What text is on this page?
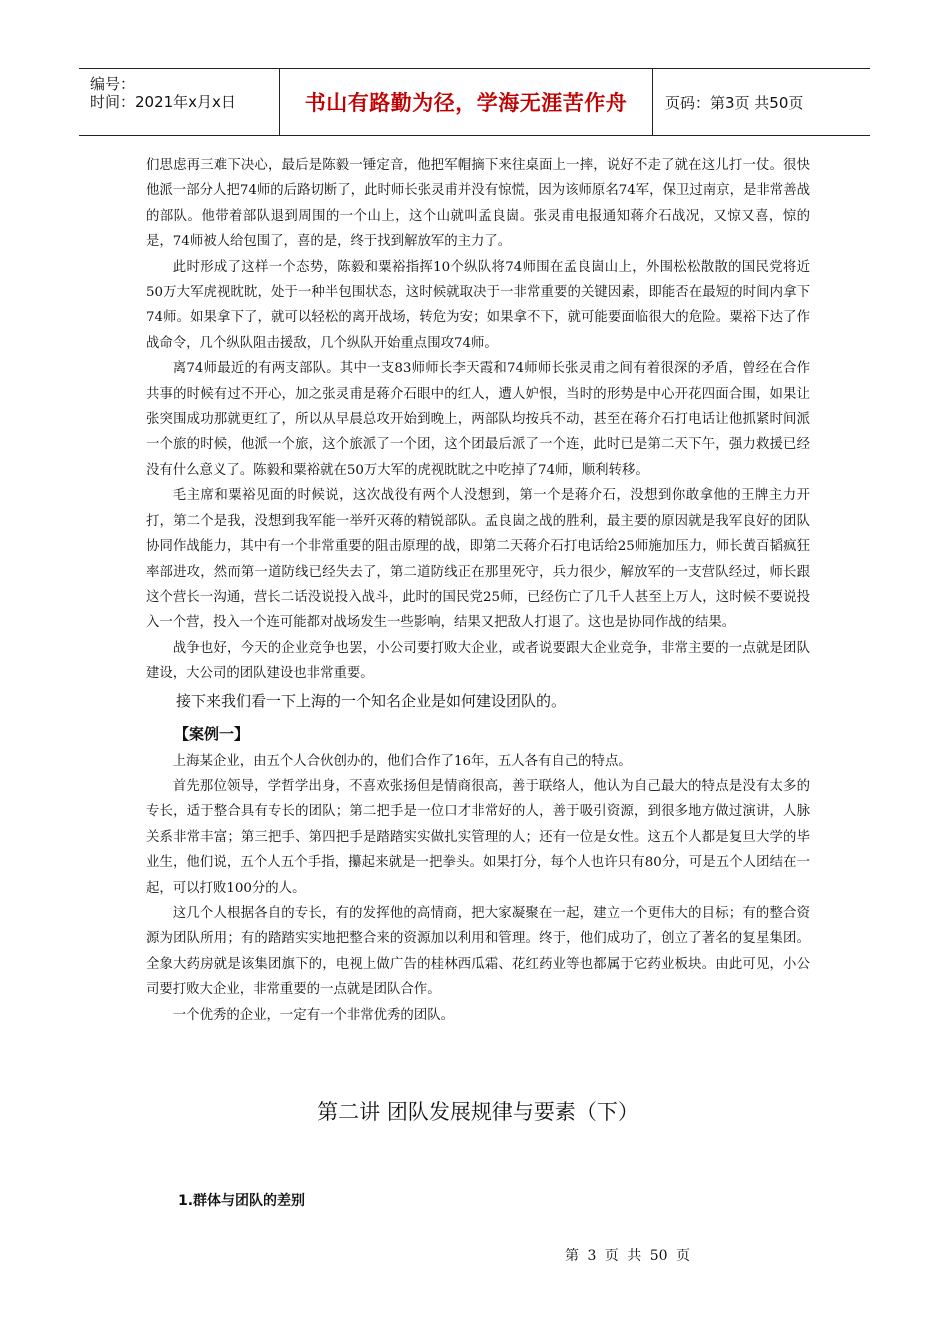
编号：
时间：2021年x月x日	书山有路勤为径，学海无涯苦作舟	页码：第3页 共50页

们思虑再三难下决心，最后是陈毅一锤定音，他把军帽摘下来往桌面上一摔，说好不走了就在这儿打一仗。很快他派一部分人把74师的后路切断了，此时师长张灵甫并没有惊慌，因为该师原名74军，保卫过南京，是非常善战的部队。他带着部队退到周围的一个山上，这个山就叫孟良崮。张灵甫电报通知蒋介石战况，又惊又喜，惊的是，74师被人给包围了，喜的是，终于找到解放军的主力了。

此时形成了这样一个态势，陈毅和粟裕指挥10个纵队将74师围在孟良崮山上，外围松松散散的国民党将近50万大军虎视眈眈，处于一种半包围状态，这时候就取决于一非常重要的关键因素，即能否在最短的时间内拿下74师。如果拿下了，就可以轻松的离开战场，转危为安；如果拿不下，就可能要面临很大的危险。粟裕下达了作战命令，几个纵队阻击援敌，几个纵队开始重点围攻74师。

离74师最近的有两支部队。其中一支83师师长李天霞和74师师长张灵甫之间有着很深的矛盾，曾经在合作共事的时候有过不开心，加之张灵甫是蒋介石眼中的红人，遭人妒恨，当时的形势是中心开花四面合围，如果让张突围成功那就更红了，所以从早晨总攻开始到晚上，两部队均按兵不动，甚至在蒋介石打电话让他抓紧时间派一个旅的时候，他派一个旅，这个旅派了一个团，这个团最后派了一个连，此时已是第二天下午，强力救援已经没有什么意义了。陈毅和粟裕就在50万大军的虎视眈眈之中吃掉了74师，顺利转移。

毛主席和粟裕见面的时候说，这次战役有两个人没想到，第一个是蒋介石，没想到你敢拿他的王牌主力开打，第二个是我，没想到我军能一举歼灭蒋的精锐部队。孟良崮之战的胜利，最主要的原因就是我军良好的团队协同作战能力，其中有一个非常重要的阻击原理的战，即第二天蒋介石打电话给25师施加压力，师长黄百韬疯狂率部进攻，然而第一道防线已经失去了，第二道防线正在那里死守，兵力很少，解放军的一支营队经过，师长跟这个营长一沟通，营长二话没说投入战斗，此时的国民党25师，已经伤亡了几千人甚至上万人，这时候不要说投入一个营，投入一个连可能都对战场发生一些影响，结果又把敌人打退了。这也是协同作战的结果。

战争也好，今天的企业竞争也罢，小公司要打败大企业，或者说要跟大企业竞争，非常主要的一点就是团队建设，大公司的团队建设也非常重要。

接下来我们看一下上海的一个知名企业是如何建设团队的。

【案例一】

上海某企业，由五个人合伙创办的，他们合作了16年，五人各有自己的特点。

首先那位领导，学哲学出身，不喜欢张扬但是情商很高，善于联络人，他认为自己最大的特点是没有太多的专长，适于整合具有专长的团队；第二把手是一位口才非常好的人，善于吸引资源，到很多地方做过演讲，人脉关系非常丰富；第三把手、第四把手是踏踏实实做扎实管理的人；还有一位是女性。这五个人都是复旦大学的毕业生，他们说，五个人五个手指，攥起来就是一把拳头。如果打分，每个人也许只有80分，可是五个人团结在一起，可以打败100分的人。

这几个人根据各自的专长，有的发挥他的高情商，把大家凝聚在一起，建立一个更伟大的目标；有的整合资源为团队所用；有的踏踏实实地把整合来的资源加以利用和管理。终于，他们成功了，创立了著名的复星集团。全象大药房就是该集团旗下的，电视上做广告的桂林西瓜霜、花红药业等也都属于它药业板块。由此可见，小公司要打败大企业，非常重要的一点就是团队合作。

一个优秀的企业，一定有一个非常优秀的团队。

第二讲 团队发展规律与要素（下）
1.群体与团队的差别
第 3 页 共 50 页
